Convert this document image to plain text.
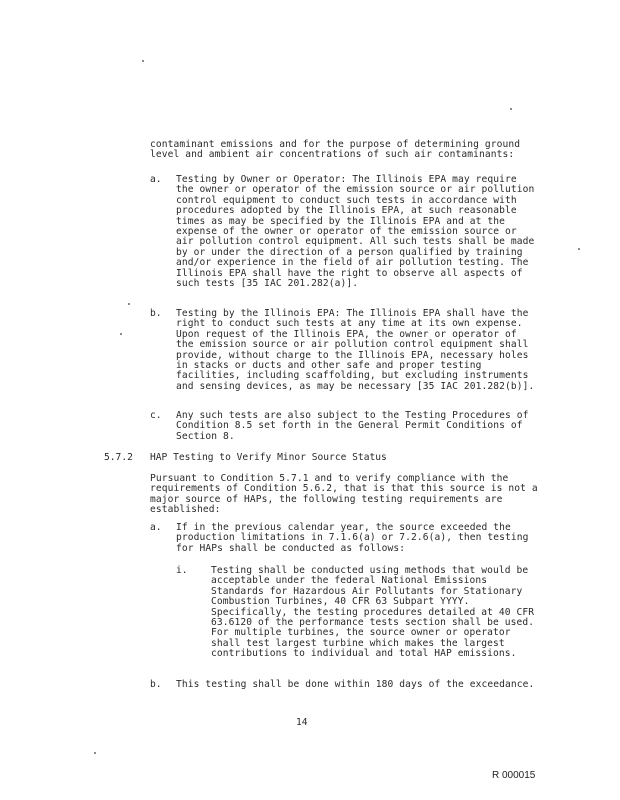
contaminant emissions and for the purpose of determining ground level and ambient air concentrations of such air contaminants:

a. Testing by Owner or Operator: The Illinois EPA may require the owner or operator of the emission source or air pollution control equipment to conduct such tests in accordance with procedures adopted by the Illinois EPA, at such reasonable times as may be specified by the Illinois EPA and at the expense of the owner or operator of the emission source or air pollution control equipment. All such tests shall be made by or under the direction of a person qualified by training and/or experience in the field of air pollution testing. The Illinois EPA shall have the right to observe all aspects of such tests [35 IAC 201.282(a)].

b. Testing by the Illinois EPA: The Illinois EPA shall have the right to conduct such tests at any time at its own expense. Upon request of the Illinois EPA, the owner or operator of the emission source or air pollution control equipment shall provide, without charge to the Illinois EPA, necessary holes in stacks or ducts and other safe and proper testing facilities, including scaffolding, but excluding instruments and sensing devices, as may be necessary [35 IAC 201.282(b)].

c. Any such tests are also subject to the Testing Procedures of Condition 8.5 set forth in the General Permit Conditions of Section 8.

5.7.2 HAP Testing to Verify Minor Source Status

Pursuant to Condition 5.7.1 and to verify compliance with the requirements of Condition 5.6.2, that is that this source is not a major source of HAPs, the following testing requirements are established:

a. If in the previous calendar year, the source exceeded the production limitations in 7.1.6(a) or 7.2.6(a), then testing for HAPs shall be conducted as follows:

i. Testing shall be conducted using methods that would be acceptable under the federal National Emissions Standards for Hazardous Air Pollutants for Stationary Combustion Turbines, 40 CFR 63 Subpart YYYY. Specifically, the testing procedures detailed at 40 CFR 63.6120 of the performance tests section shall be used. For multiple turbines, the source owner or operator shall test largest turbine which makes the largest contributions to individual and total HAP emissions.

b. This testing shall be done within 180 days of the exceedance.

14
R 000015
